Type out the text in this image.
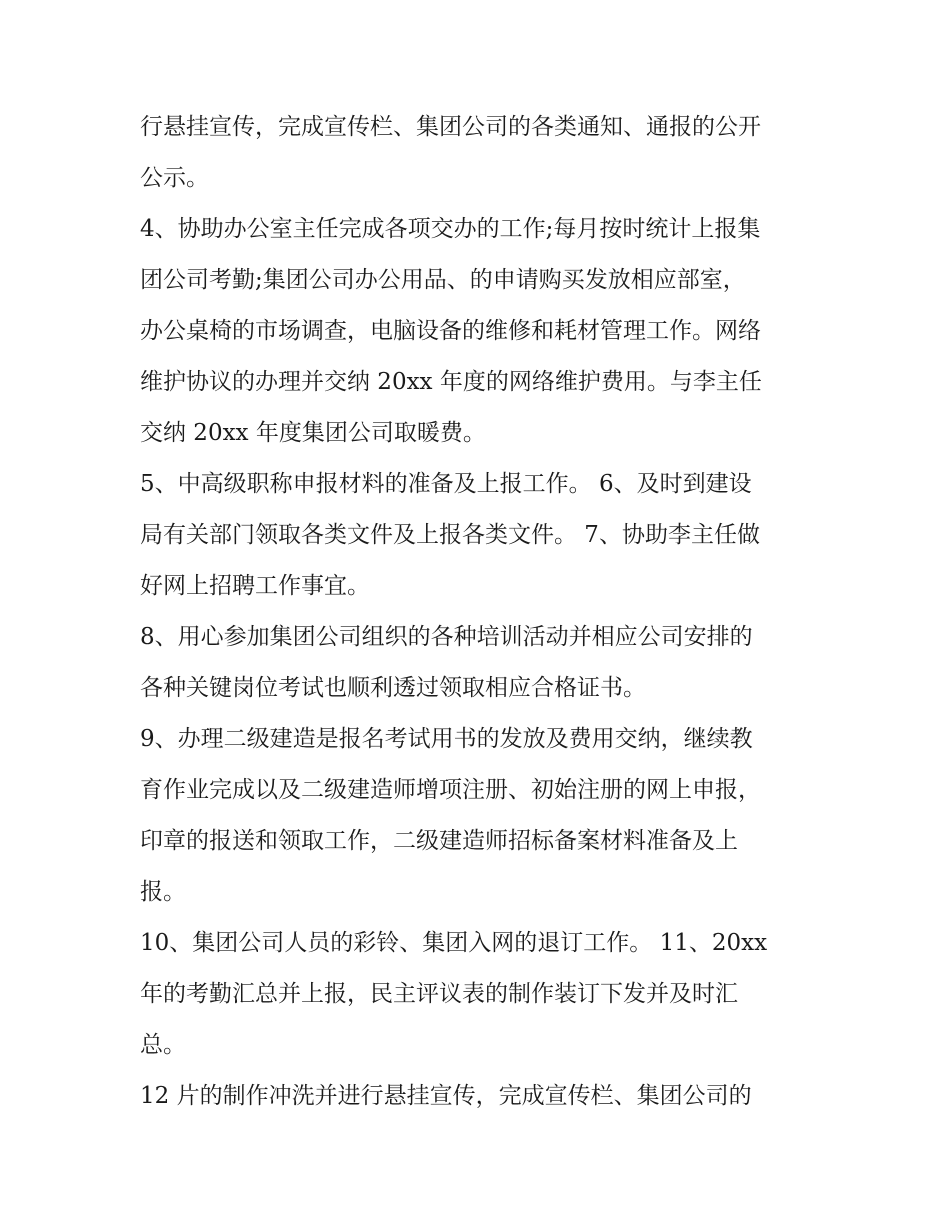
行悬挂宣传，完成宣传栏、集团公司的各类通知、通报的公开
公示。
4、协助办公室主任完成各项交办的工作;每月按时统计上报集
团公司考勤;集团公司办公用品、的申请购买发放相应部室，
办公桌椅的市场调查，电脑设备的维修和耗材管理工作。网络
维护协议的办理并交纳 20xx 年度的网络维护费用。与李主任
交纳 20xx 年度集团公司取暖费。
5、中高级职称申报材料的准备及上报工作。 6、及时到建设
局有关部门领取各类文件及上报各类文件。 7、协助李主任做
好网上招聘工作事宜。
8、用心参加集团公司组织的各种培训活动并相应公司安排的
各种关键岗位考试也顺利透过领取相应合格证书。
9、办理二级建造是报名考试用书的发放及费用交纳，继续教
育作业完成以及二级建造师增项注册、初始注册的网上申报，
印章的报送和领取工作，二级建造师招标备案材料准备及上
报。
10、集团公司人员的彩铃、集团入网的退订工作。 11、20xx
年的考勤汇总并上报，民主评议表的制作装订下发并及时汇
总。
12 片的制作冲洗并进行悬挂宣传，完成宣传栏、集团公司的
